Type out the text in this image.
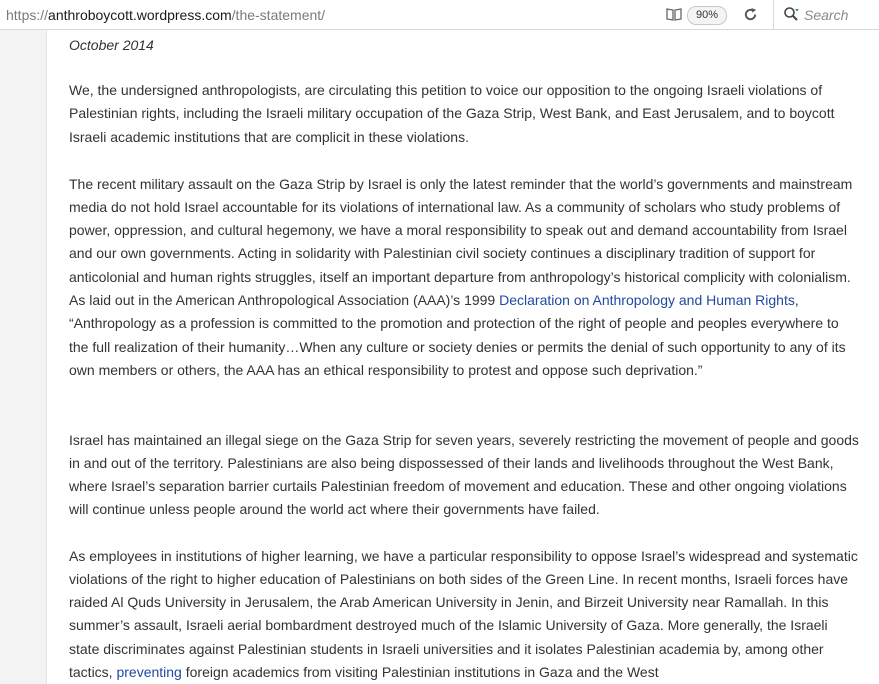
https://anthroboycott.wordpress.com/the-statement/	90%	Search
October 2014

We, the undersigned anthropologists, are circulating this petition to voice our opposition to the ongoing Israeli violations of Palestinian rights, including the Israeli military occupation of the Gaza Strip, West Bank, and East Jerusalem, and to boycott Israeli academic institutions that are complicit in these violations.

The recent military assault on the Gaza Strip by Israel is only the latest reminder that the world’s governments and mainstream media do not hold Israel accountable for its violations of international law. As a community of scholars who study problems of power, oppression, and cultural hegemony, we have a moral responsibility to speak out and demand accountability from Israel and our own governments. Acting in solidarity with Palestinian civil society continues a disciplinary tradition of support for anticolonial and human rights struggles, itself an important departure from anthropology’s historical complicity with colonialism. As laid out in the American Anthropological Association (AAA)’s 1999 Declaration on Anthropology and Human Rights, “Anthropology as a profession is committed to the promotion and protection of the right of people and peoples everywhere to the full realization of their humanity…When any culture or society denies or permits the denial of such opportunity to any of its own members or others, the AAA has an ethical responsibility to protest and oppose such deprivation.”

Israel has maintained an illegal siege on the Gaza Strip for seven years, severely restricting the movement of people and goods in and out of the territory. Palestinians are also being dispossessed of their lands and livelihoods throughout the West Bank, where Israel’s separation barrier curtails Palestinian freedom of movement and education. These and other ongoing violations will continue unless people around the world act where their governments have failed.

As employees in institutions of higher learning, we have a particular responsibility to oppose Israel’s widespread and systematic violations of the right to higher education of Palestinians on both sides of the Green Line. In recent months, Israeli forces have raided Al Quds University in Jerusalem, the Arab American University in Jenin, and Birzeit University near Ramallah. In this summer’s assault, Israeli aerial bombardment destroyed much of the Islamic University of Gaza. More generally, the Israeli state discriminates against Palestinian students in Israeli universities and it isolates Palestinian academia by, among other tactics, preventing foreign academics from visiting Palestinian institutions in Gaza and the West
